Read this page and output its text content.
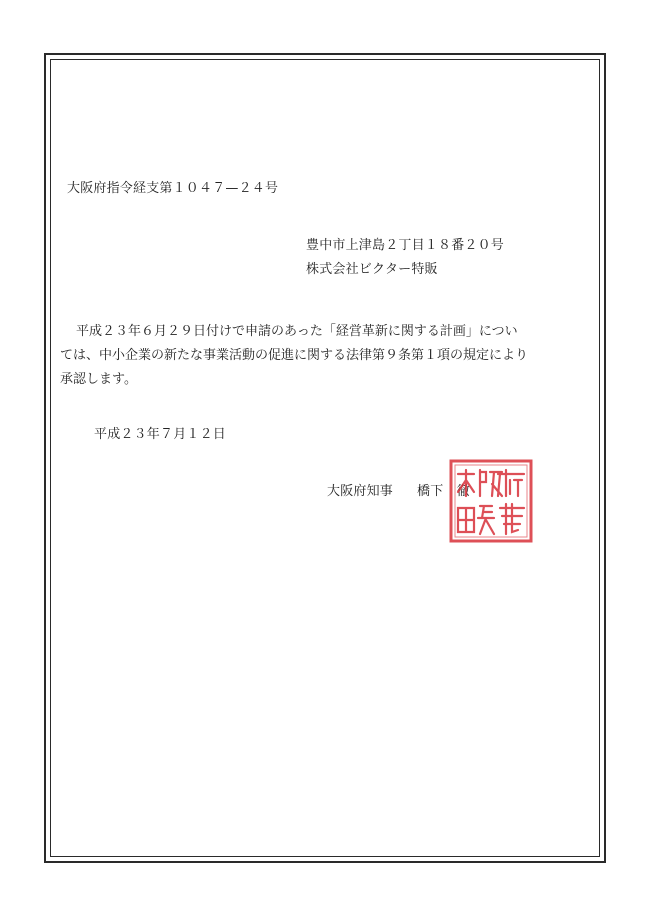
大阪府指令経支第１０４７—２４号
豊中市上津島２丁目１８番２０号
株式会社ビクター特販
平成２３年６月２９日付けで申請のあった「経営革新に関する計画」につい
ては、中小企業の新たな事業活動の促進に関する法律第９条第１項の規定により
承認します。
平成２３年７月１２日
大阪府知事 橋下　徹
